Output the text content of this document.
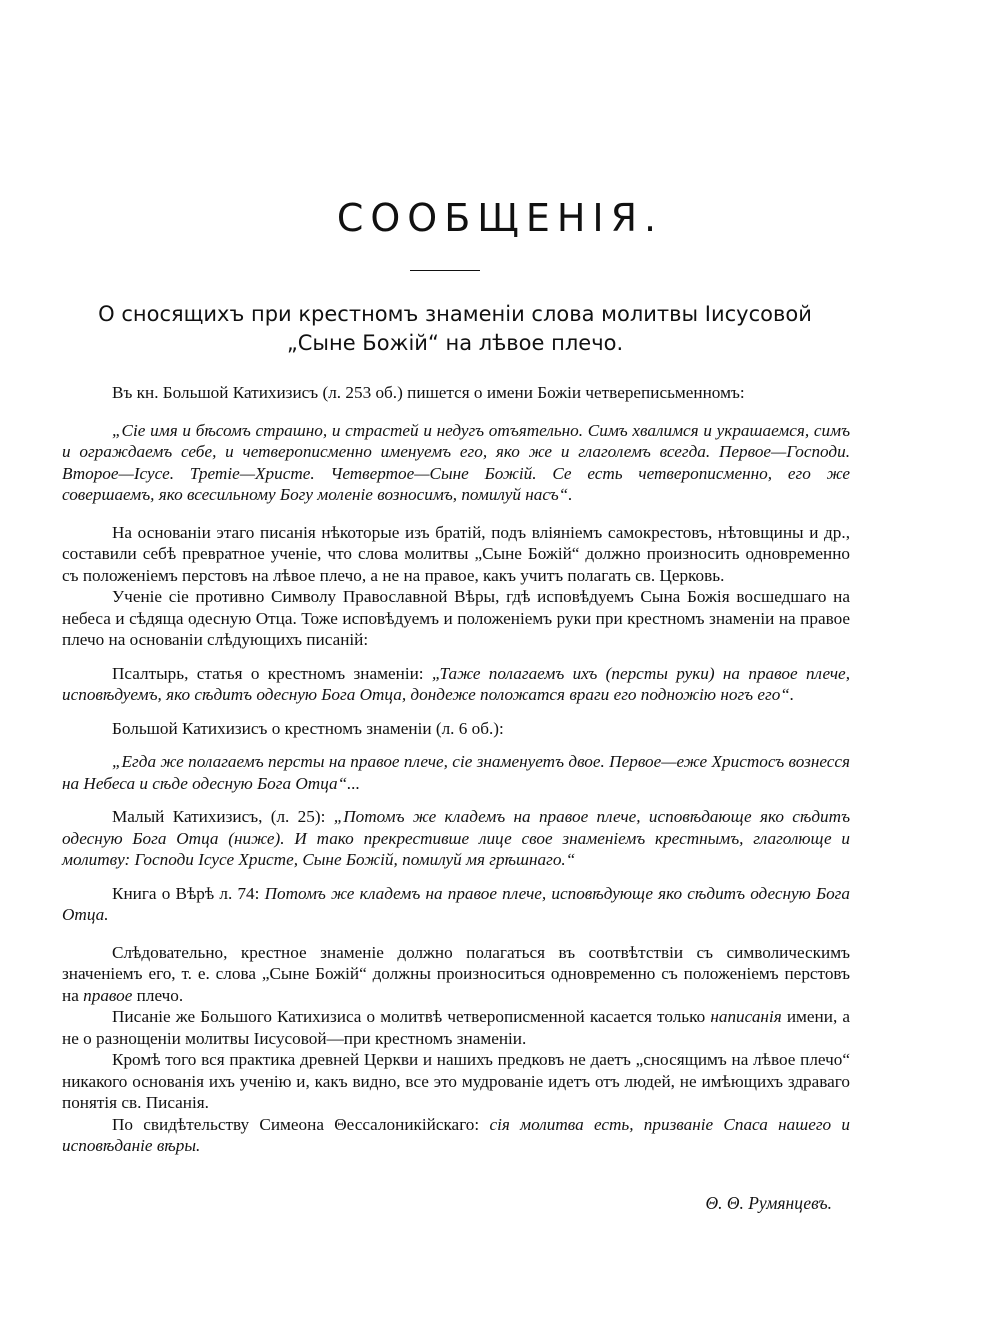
СООБЩЕНІЯ.
О сносящихъ при крестномъ знаменіи слова молитвы Іисусовой
„Сыне Божій“ на лѣвое плечо.

Въ кн. Большой Катихизисъ (л. 253 об.) пишется о имени Божіи четвереписьменномъ:

„Сіе имя и бѣсомъ страшно, и страстей и недугъ отъятельно. Симъ хвалимся и украшаемся, симъ и ограждаемъ себе, и четверописменно именуемъ его, яко же и глаголемъ всегда. Первое—Господи. Второе—Ісусе. Третіе—Христе. Четвертое—Сыне Божій. Се есть четверописменно, его же совершаемъ, яко всесильному Богу моленіе возносимъ, помилуй насъ“.

На основаніи этаго писанія нѣкоторые изъ братій, подъ вліяніемъ самокрестовъ, нѣтовщины и др., составили себѣ превратное ученіе, что слова молитвы „Сыне Божій“ должно произносить одновременно съ положеніемъ перстовъ на лѣвое плечо, а не на правое, какъ учитъ полагать св. Церковь.

Ученіе сіе противно Символу Православной Вѣры, гдѣ исповѣдуемъ Сына Божія восшедшаго на небеса и сѣдяща одесную Отца. Тоже исповѣдуемъ и положеніемъ руки при крестномъ знаменіи на правое плечо на основаніи слѣдующихъ писаній:

Псалтырь, статья о крестномъ знаменіи: „Таже полагаемъ ихъ (персты руки) на правое плече, исповѣдуемъ, яко сѣдитъ одесную Бога Отца, дондеже положатся враги его подножію ногъ его“.

Большой Катихизисъ о крестномъ знаменіи (л. 6 об.):

„Егда же полагаемъ персты на правое плече, сіе знаменуетъ двое. Первое—еже Христосъ вознесся на Небеса и сѣде одесную Бога Отца“...

Малый Катихизисъ, (л. 25): „Потомъ же кладемъ на правое плече, исповѣдающе яко сѣдитъ одесную Бога Отца (ниже). И тако прекрестивше лице свое знаменіемъ крестнымъ, глаголюще и молитву: Господи Ісусе Христе, Сыне Божій, помилуй мя грѣшнаго.“

Книга о Вѣрѣ л. 74: Потомъ же кладемъ на правое плече, исповѣдующе яко сѣдитъ одесную Бога Отца.

Слѣдовательно, крестное знаменіе должно полагаться въ соотвѣтствіи съ символическимъ значеніемъ его, т. е. слова „Сыне Божій“ должны произноситься одновременно съ положеніемъ перстовъ на правое плечо.

Писаніе же Большого Катихизиса о молитвѣ четверописменной касается только написанія имени, а не о разнощеніи молитвы Іисусовой—при крестномъ знаменіи.

Кромѣ того вся практика древней Церкви и нашихъ предковъ не даетъ „сносящимъ на лѣвое плечо“ никакого основанія ихъ ученію и, какъ видно, все это мудрованіе идетъ отъ людей, не имѣющихъ здраваго понятія св. Писанія.

По свидѣтельству Симеона Θессалоникійскаго: сія молитва есть, призваніе Спаса нашего и исповѣданіе вѣры.

Θ. Θ. Румянцевъ.
